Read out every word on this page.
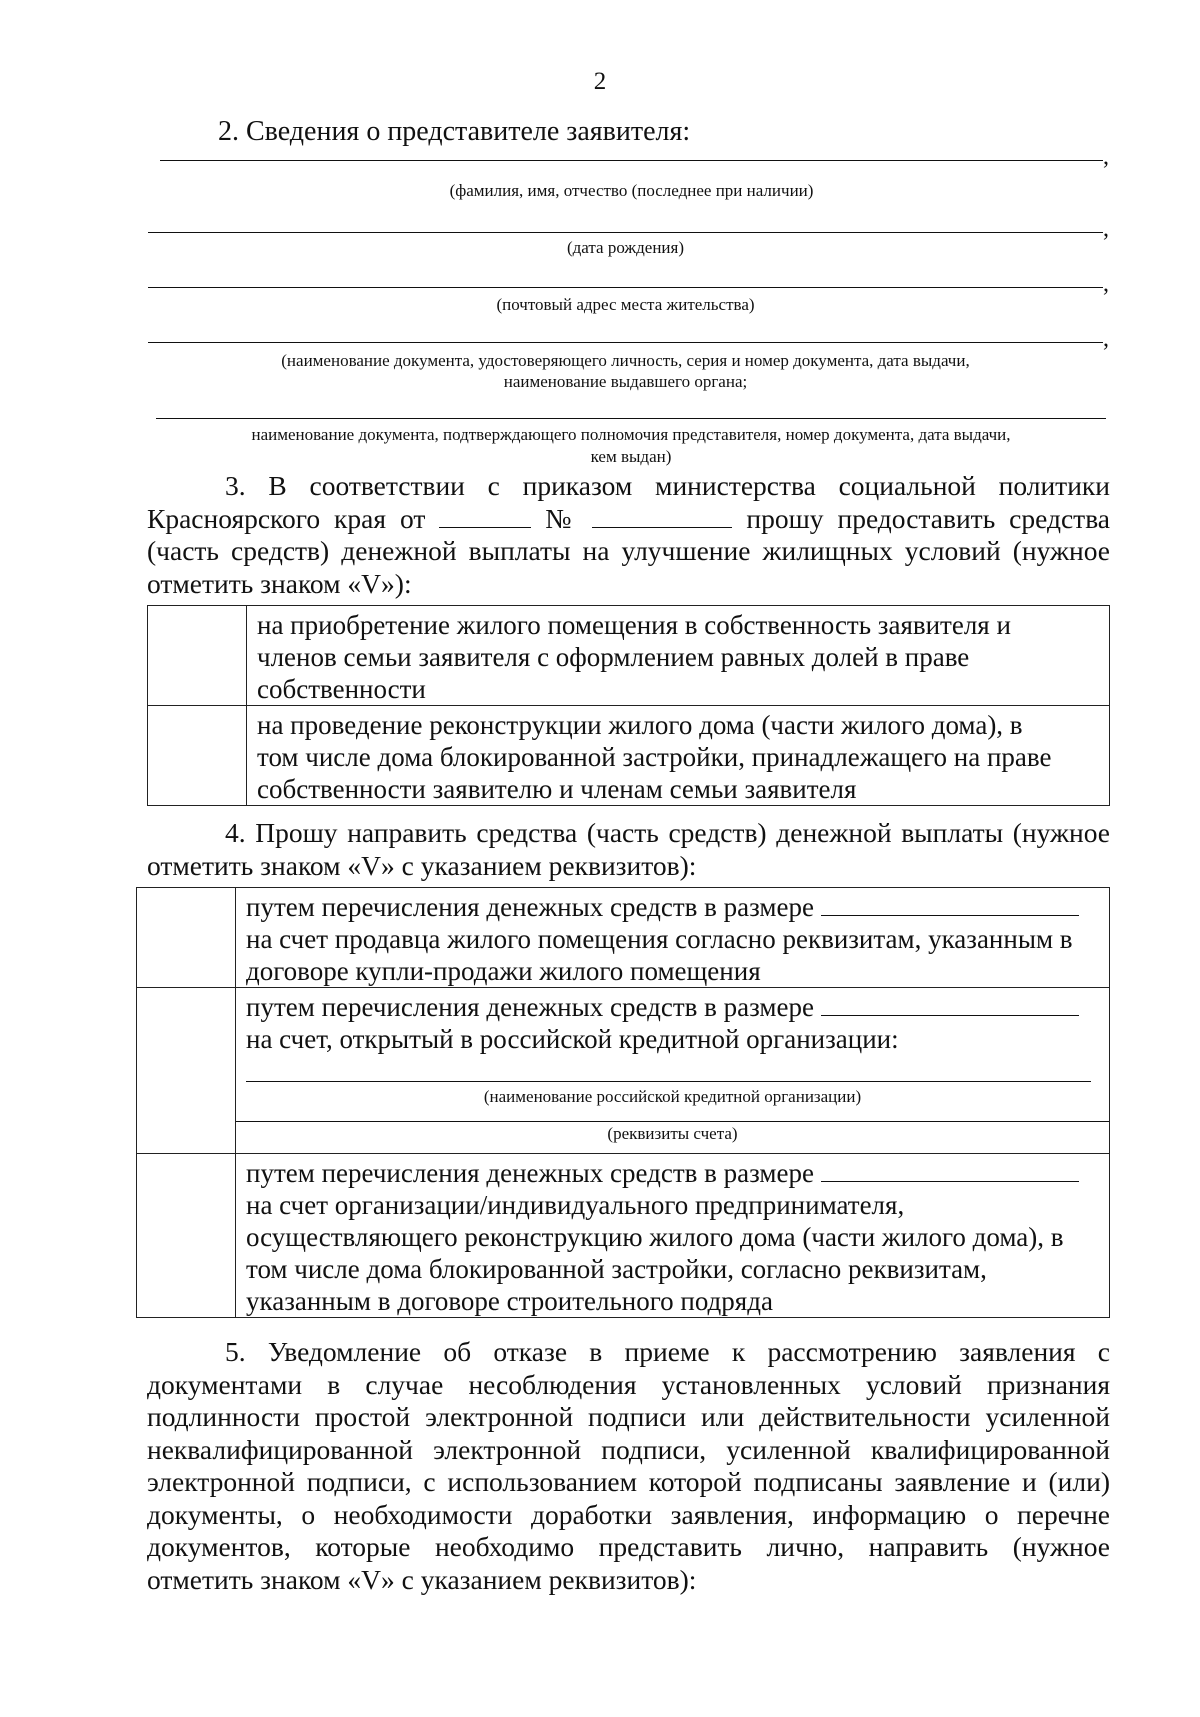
2
2. Сведения о представителе заявителя:
,
(фамилия, имя, отчество (последнее при наличии)
,
(дата рождения)
,
(почтовый адрес места жительства)
,
(наименование документа, удостоверяющего личность, серия и номер документа, дата выдачи,
наименование выдавшего органа;
наименование документа, подтверждающего полномочия представителя, номер документа, дата выдачи,
кем выдан)
3. В соответствии с приказом министерства социальной политики Красноярского края от	№	прошу предоставить средства (часть средств) денежной выплаты на улучшение жилищных условий (нужное отметить знаком «V»):

	на приобретение жилого помещения в собственность заявителя и членов семьи заявителя с оформлением равных долей в праве собственности

	на проведение реконструкции жилого дома (части жилого дома), в том числе дома блокированной застройки, принадлежащего на праве собственности заявителю и членам семьи заявителя
4. Прошу направить средства (часть средств) денежной выплаты (нужное отметить знаком «V» с указанием реквизитов):

	путем перечисления денежных средств в размере  на счет продавца жилого помещения согласно реквизитам, указанным в договоре купли-продажи жилого помещения

	путем перечисления денежных средств в размере
на счет, открытый в российской кредитной организации:
(наименование российской кредитной организации)
(реквизиты счета)

	путем перечисления денежных средств в размере  на счет организации/индивидуального предпринимателя, осуществляющего реконструкцию жилого дома (части жилого дома), в том числе дома блокированной застройки, согласно реквизитам, указанным в договоре строительного подряда
5. Уведомление об отказе в приеме к рассмотрению заявления с документами в случае несоблюдения установленных условий признания подлинности простой электронной подписи или действительности усиленной неквалифицированной электронной подписи, усиленной квалифицированной электронной подписи, с использованием которой подписаны заявление и (или) документы, о необходимости доработки заявления, информацию о перечне документов, которые необходимо представить лично, направить (нужное отметить знаком «V» с указанием реквизитов):
